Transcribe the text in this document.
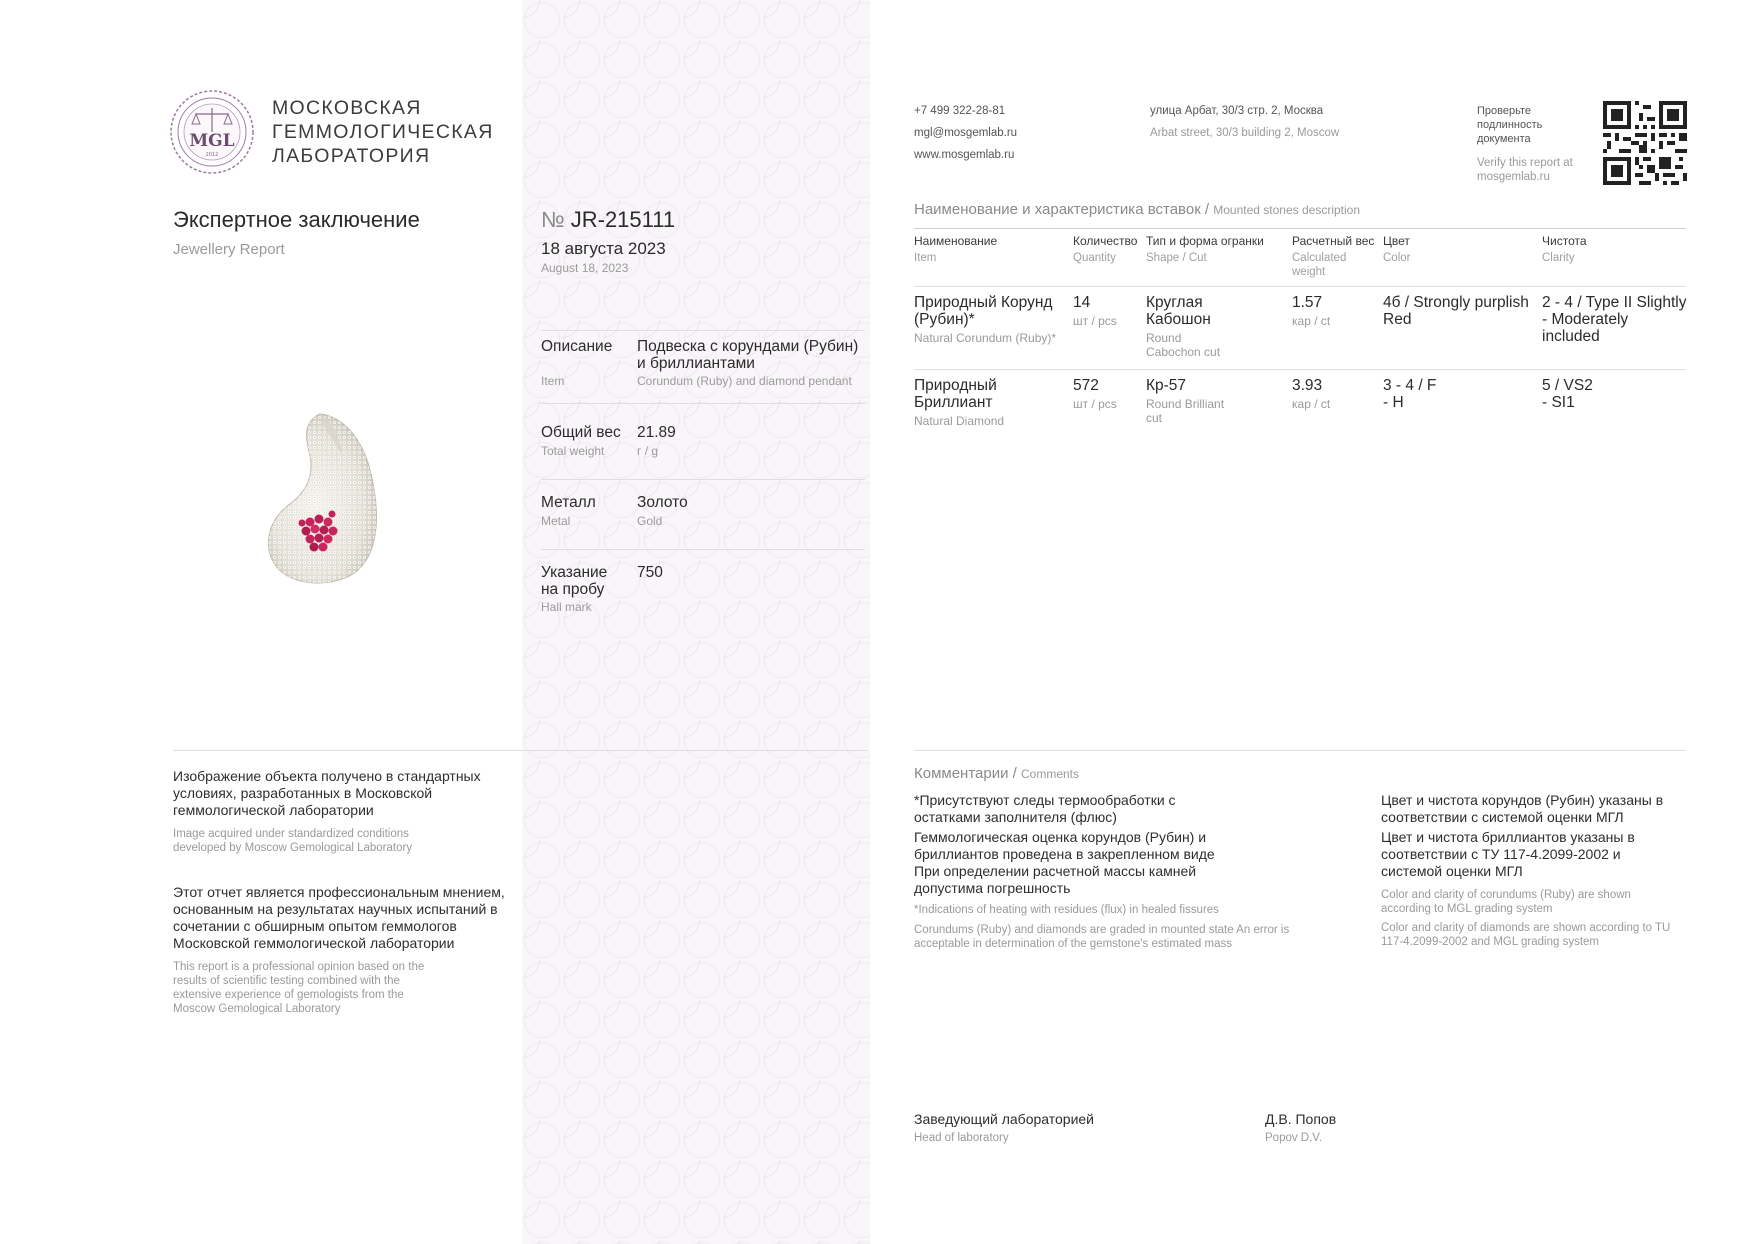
MGL
2012
МОСКОВСКАЯ
ГЕММОЛОГИЧЕСКАЯ
ЛАБОРАТОРИЯ
Экспертное заключение
Jewellery Report
№ JR-215111
18 августа 2023
August 18, 2023
Описание
Item
Подвеска с корундами (Рубин) и бриллиантами
Corundum (Ruby) and diamond pendant
Общий вес
Total weight
21.89
г / g
Металл
Metal
Золото
Gold
Указание на пробу
Hall mark
750
+7 499 322-28-81
mgl@mosgemlab.ru
www.mosgemlab.ru
улица Арбат, 30/3 стр. 2, Москва
Arbat street, 30/3 building 2, Moscow
Проверьте подлинность документа
Verify this report at mosgemlab.ru
Наименование и характеристика вставок / Mounted stones description
Наименование
Item
Количество
Quantity
Тип и форма огранки
Shape / Cut
Расчетный вес
Calculated weight
Цвет
Color
Чистота
Clarity
Природный Корунд (Рубин)*
Natural Corundum (Ruby)*
14
шт / pcs
Круглая Кабошон
Round Cabochon cut
1.57
кар / ct
4б / Strongly purplish Red
2 - 4 / Type II Slightly - Moderately included
Природный Бриллиант
Natural Diamond
572
шт / pcs
Кр-57
Round Brilliant cut
3.93
кар / ct
3 - 4 / F - H
5 / VS2 - SI1
Изображение объекта получено в стандартных условиях, разработанных в Московской геммологической лаборатории
Image acquired under standardized conditions developed by Moscow Gemological Laboratory
Этот отчет является профессиональным мнением, основанным на результатах научных испытаний в сочетании с обширным опытом геммологов Московской геммологической лаборатории
This report is a professional opinion based on the results of scientific testing combined with the extensive experience of gemologists from the Moscow Gemological Laboratory
Комментарии / Comments
*Присутствуют следы термообработки с остатками заполнителя (флюс)
Геммологическая оценка корундов (Рубин) и бриллиантов проведена в закрепленном виде При определении расчетной массы камней допустима погрешность
*Indications of heating with residues (flux) in healed fissures
Corundums (Ruby) and diamonds are graded in mounted state An error is acceptable in determination of the gemstone's estimated mass
Цвет и чистота корундов (Рубин) указаны в соответствии с системой оценки МГЛ
Цвет и чистота бриллиантов указаны в соответствии с ТУ 117-4.2099-2002 и системой оценки МГЛ
Color and clarity of corundums (Ruby) are shown according to MGL grading system
Color and clarity of diamonds are shown according to TU 117-4.2099-2002 and MGL grading system
Заведующий лабораторией
Head of laboratory
Д.В. Попов
Popov D.V.
